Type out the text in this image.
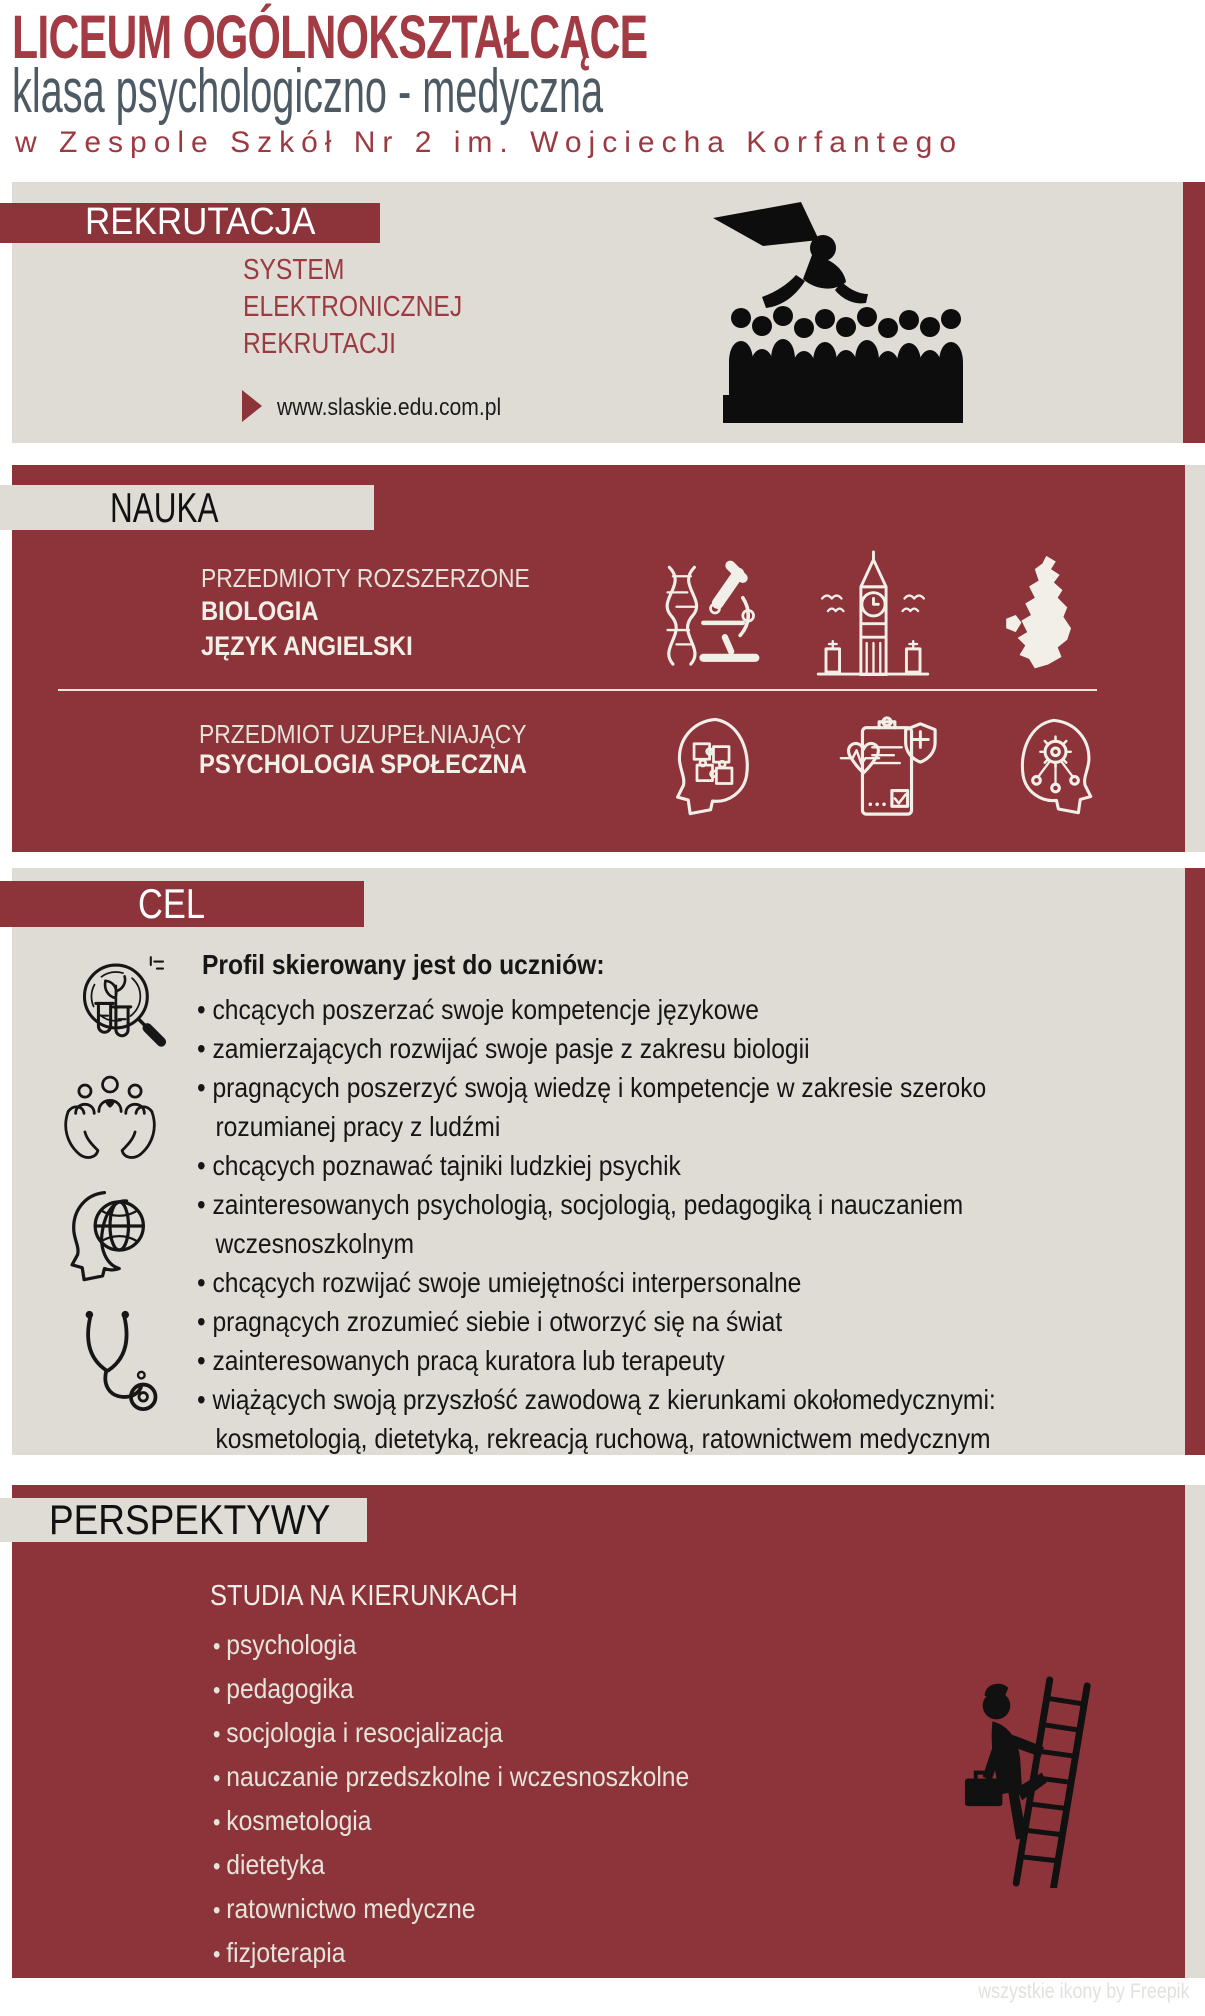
LICEUM OGÓLNOKSZTAŁCĄCE
klasa psychologiczno - medyczna
w Zespole Szkół Nr 2 im. Wojciecha Korfantego
REKRUTACJA
SYSTEM
ELEKTRONICZNEJ
REKRUTACJI
www.slaskie.edu.com.pl
NAUKA
PRZEDMIOTY ROZSZERZONE
BIOLOGIA
JĘZYK ANGIELSKI
PRZEDMIOT UZUPEŁNIAJĄCY
PSYCHOLOGIA SPOŁECZNA
CEL
Profil skierowany jest do uczniów:
• chcących poszerzać swoje kompetencje językowe
• zamierzających rozwijać swoje pasje z zakresu biologii
• pragnących poszerzyć swoją wiedzę i kompetencje w zakresie szeroko rozumianej pracy z ludźmi
• chcących poznawać tajniki ludzkiej psychik
• zainteresowanych psychologią, socjologią, pedagogiką i nauczaniem wczesnoszkolnym
• chcących rozwijać swoje umiejętności interpersonalne
• pragnących zrozumieć siebie i otworzyć się na świat
• zainteresowanych pracą kuratora lub terapeuty
• wiążących swoją przyszłość zawodową z kierunkami okołomedycznymi: kosmetologią, dietetyką, rekreacją ruchową, ratownictwem medycznym
PERSPEKTYWY
STUDIA NA KIERUNKACH
• psychologia
• pedagogika
• socjologia i resocjalizacja
• nauczanie przedszkolne i wczesnoszkolne
• kosmetologia
• dietetyka
• ratownictwo medyczne
• fizjoterapia
wszystkie ikony by Freepik
